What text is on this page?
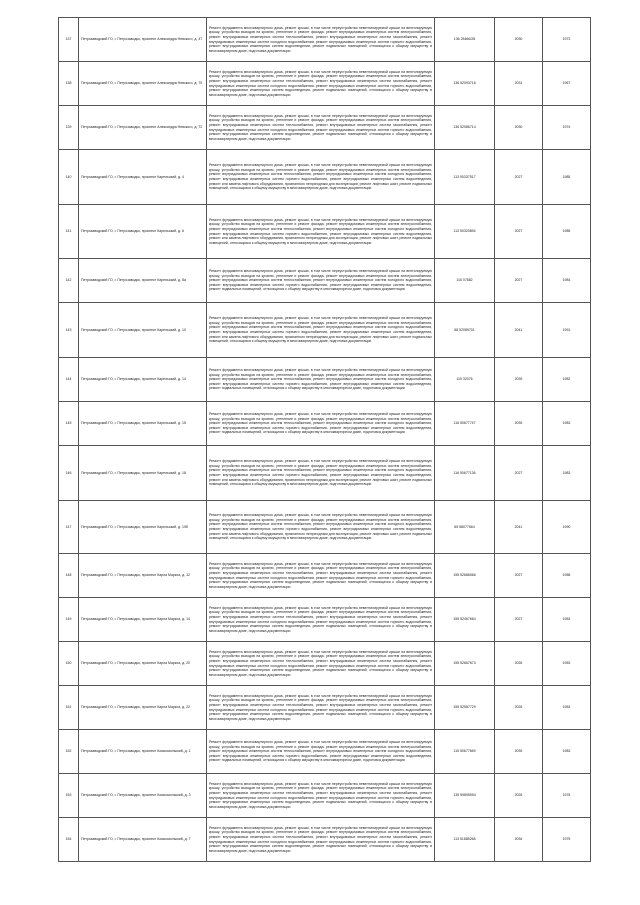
137	Петрозаводский ГО, г. Петрозаводск, проспект Александра Невского, д. 47	Ремонт фундамента многоквартирного дома, ремонт крыши, в том числе переустройство невентилируемой крыши на вентилируемую крышу, устройство выходов на кровлю, утепление и ремонт фасада, ремонт внутридомовых инженерных систем электроснабжения, ремонт внутридомовых инженерных систем теплоснабжения, ремонт внутридомовых инженерных систем газоснабжения, ремонт внутридомовых инженерных систем холодного водоснабжения, ремонт внутридомовых инженерных систем горячего водоснабжения, ремонт внутридомовых инженерных систем водоотведения, ремонт подвальных помещений, относящихся к общему имуществу в многоквартирном доме, подготовка документации	136 25466/28	2030	1973
138	Петрозаводский ГО, г. Петрозаводск, проспект Александра Невского, д. 70	Ремонт фундамента многоквартирного дома, ремонт крыши, в том числе переустройство невентилируемой крыши на вентилируемую крышу, устройство выходов на кровлю, утепление и ремонт фасада, ремонт внутридомовых инженерных систем электроснабжения, ремонт внутридомовых инженерных систем теплоснабжения, ремонт внутридомовых инженерных систем газоснабжения, ремонт внутридомовых инженерных систем холодного водоснабжения, ремонт внутридомовых инженерных систем горячего водоснабжения, ремонт внутридомовых инженерных систем водоотведения, ремонт подвальных помещений, относящихся к общему имуществу в многоквартирном доме, подготовка документации	136 52093716	2031	1967
139	Петрозаводский ГО, г. Петрозаводск, проспект Александра Невского, д. 72	Ремонт фундамента многоквартирного дома, ремонт крыши, в том числе переустройство невентилируемой крыши на вентилируемую крышу, устройство выходов на кровлю, утепление и ремонт фасада, ремонт внутридомовых инженерных систем электроснабжения, ремонт внутридомовых инженерных систем теплоснабжения, ремонт внутридомовых инженерных систем газоснабжения, ремонт внутридомовых инженерных систем холодного водоснабжения, ремонт внутридомовых инженерных систем горячего водоснабжения, ремонт внутридомовых инженерных систем водоотведения, ремонт подвальных помещений, относящихся к общему имуществу в многоквартирном доме, подготовка документации	136 52086714	2030	1974
140	Петрозаводский ГО, г. Петрозаводск, проспект Карельский, д. 4	Ремонт фундамента многоквартирного дома, ремонт крыши, в том числе переустройство невентилируемой крыши на вентилируемую крышу, устройство выходов на кровлю, утепление и ремонт фасада, ремонт внутридомовых инженерных систем электроснабжения, ремонт внутридомовых инженерных систем теплоснабжения, ремонт внутридомовых инженерных систем холодного водоснабжения, ремонт внутридомовых инженерных систем горячего водоснабжения, ремонт внутридомовых инженерных систем водоотведения, ремонт или замена лифтового оборудования, признанного непригодным для эксплуатации, ремонт лифтовых шахт, ремонт подвальных помещений, относящихся к общему имуществу в многоквартирном доме, подготовка документации	113 50337517	2027	1985
141	Петрозаводский ГО, г. Петрозаводск, проспект Карельский, д. 6	Ремонт фундамента многоквартирного дома, ремонт крыши, в том числе переустройство невентилируемой крыши на вентилируемую крышу, устройство выходов на кровлю, утепление и ремонт фасада, ремонт внутридомовых инженерных систем электроснабжения, ремонт внутридомовых инженерных систем теплоснабжения, ремонт внутридомовых инженерных систем холодного водоснабжения, ремонт внутридомовых инженерных систем горячего водоснабжения, ремонт внутридомовых инженерных систем водоотведения, ремонт или замена лифтового оборудования, признанного непригодным для эксплуатации, ремонт лифтовых шахт, ремонт подвальных помещений, относящихся к общему имуществу в многоквартирном доме, подготовка документации	113 50320894	2027	1985
142	Петрозаводский ГО, г. Петрозаводск, проспект Карельский, д. 8а	Ремонт фундамента многоквартирного дома, ремонт крыши, в том числе переустройство невентилируемой крыши на вентилируемую крышу, устройство выходов на кровлю, утепление и ремонт фасада, ремонт внутридомовых инженерных систем электроснабжения, ремонт внутридомовых инженерных систем теплоснабжения, ремонт внутридомовых инженерных систем холодного водоснабжения, ремонт внутридомовых инженерных систем горячего водоснабжения, ремонт внутридомовых инженерных систем водоотведения, ремонт подвальных помещений, относящихся к общему имуществу в многоквартирном доме, подготовка документации	116 07882	2027	1984
143	Петрозаводский ГО, г. Петрозаводск, проспект Карельский, д. 10	Ремонт фундамента многоквартирного дома, ремонт крыши, в том числе переустройство невентилируемой крыши на вентилируемую крышу, устройство выходов на кровлю, утепление и ремонт фасада, ремонт внутридомовых инженерных систем электроснабжения, ремонт внутридомовых инженерных систем теплоснабжения, ремонт внутридомовых инженерных систем холодного водоснабжения, ремонт внутридомовых инженерных систем горячего водоснабжения, ремонт внутридомовых инженерных систем водоотведения, ремонт или замена лифтового оборудования, признанного непригодным для эксплуатации, ремонт лифтовых шахт, ремонт подвальных помещений, относящихся к общему имуществу в многоквартирном доме, подготовка документации	68 52089701	2041	1991
144	Петрозаводский ГО, г. Петрозаводск, проспект Карельский, д. 14	Ремонт фундамента многоквартирного дома, ремонт крыши, в том числе переустройство невентилируемой крыши на вентилируемую крышу, устройство выходов на кровлю, утепление и ремонт фасада, ремонт внутридомовых инженерных систем электроснабжения, ремонт внутридомовых инженерных систем теплоснабжения, ремонт внутридомовых инженерных систем холодного водоснабжения, ремонт внутридомовых инженерных систем горячего водоснабжения, ремонт внутридомовых инженерных систем водоотведения, ремонт подвальных помещений, относящихся к общему имуществу в многоквартирном доме, подготовка документации	115 32076	2039	1982
145	Петрозаводский ГО, г. Петрозаводск, проспект Карельский, д. 15	Ремонт фундамента многоквартирного дома, ремонт крыши, в том числе переустройство невентилируемой крыши на вентилируемую крышу, устройство выходов на кровлю, утепление и ремонт фасада, ремонт внутридомовых инженерных систем электроснабжения, ремонт внутридомовых инженерных систем теплоснабжения, ремонт внутридомовых инженерных систем холодного водоснабжения, ремонт внутридомовых инженерных систем горячего водоснабжения, ремонт внутридомовых инженерных систем водоотведения, ремонт подвальных помещений, относящихся к общему имуществу в многоквартирном доме, подготовка документации	116 50677747	2039	1983
146	Петрозаводский ГО, г. Петрозаводск, проспект Карельский, д. 18	Ремонт фундамента многоквартирного дома, ремонт крыши, в том числе переустройство невентилируемой крыши на вентилируемую крышу, устройство выходов на кровлю, утепление и ремонт фасада, ремонт внутридомовых инженерных систем электроснабжения, ремонт внутридомовых инженерных систем теплоснабжения, ремонт внутридомовых инженерных систем холодного водоснабжения, ремонт внутридомовых инженерных систем горячего водоснабжения, ремонт внутридомовых инженерных систем водоотведения, ремонт или замена лифтового оборудования, признанного непригодным для эксплуатации, ремонт лифтовых шахт, ремонт подвальных помещений, относящихся к общему имуществу в многоквартирном доме, подготовка документации	116 50677136	2027	1983
147	Петрозаводский ГО, г. Петрозаводск, проспект Карельский, д. 19б	Ремонт фундамента многоквартирного дома, ремонт крыши, в том числе переустройство невентилируемой крыши на вентилируемую крышу, устройство выходов на кровлю, утепление и ремонт фасада, ремонт внутридомовых инженерных систем электроснабжения, ремонт внутридомовых инженерных систем теплоснабжения, ремонт внутридомовых инженерных систем холодного водоснабжения, ремонт внутридомовых инженерных систем горячего водоснабжения, ремонт внутридомовых инженерных систем водоотведения, ремонт или замена лифтового оборудования, признанного непригодным для эксплуатации, ремонт лифтовых шахт, ремонт подвальных помещений, относящихся к общему имуществу в многоквартирном доме, подготовка документации	65 58077664	2041	1990
148	Петрозаводский ГО, г. Петрозаводск, проспект Карла Маркса, д. 12	Ремонт фундамента многоквартирного дома, ремонт крыши, в том числе переустройство невентилируемой крыши на вентилируемую крышу, устройство выходов на кровлю, утепление и ремонт фасада, ремонт внутридомовых инженерных систем электроснабжения, ремонт внутридомовых инженерных систем теплоснабжения, ремонт внутридомовых инженерных систем газоснабжения, ремонт внутридомовых инженерных систем холодного водоснабжения, ремонт внутридомовых инженерных систем горячего водоснабжения, ремонт внутридомовых инженерных систем водоотведения, ремонт подвальных помещений, относящихся к общему имуществу в многоквартирном доме, подготовка документации	155 52686566	2027	1958
149	Петрозаводский ГО, г. Петрозаводск, проспект Карла Маркса, д. 14	Ремонт фундамента многоквартирного дома, ремонт крыши, в том числе переустройство невентилируемой крыши на вентилируемую крышу, устройство выходов на кровлю, утепление и ремонт фасада, ремонт внутридомовых инженерных систем электроснабжения, ремонт внутридомовых инженерных систем теплоснабжения, ремонт внутридомовых инженерных систем газоснабжения, ремонт внутридомовых инженерных систем холодного водоснабжения, ремонт внутридомовых инженерных систем горячего водоснабжения, ремонт внутридомовых инженерных систем водоотведения, ремонт подвальных помещений, относящихся к общему имуществу в многоквартирном доме, подготовка документации	155 52467664	2027	1953
150	Петрозаводский ГО, г. Петрозаводск, проспект Карла Маркса, д. 20	Ремонт фундамента многоквартирного дома, ремонт крыши, в том числе переустройство невентилируемой крыши на вентилируемую крышу, устройство выходов на кровлю, утепление и ремонт фасада, ремонт внутридомовых инженерных систем электроснабжения, ремонт внутридомовых инженерных систем теплоснабжения, ремонт внутридомовых инженерных систем газоснабжения, ремонт внутридомовых инженерных систем холодного водоснабжения, ремонт внутридомовых инженерных систем горячего водоснабжения, ремонт внутридомовых инженерных систем водоотведения, ремонт подвальных помещений, относящихся к общему имуществу в многоквартирном доме, подготовка документации	155 52667674	2026	1953
151	Петрозаводский ГО, г. Петрозаводск, проспект Карла Маркса, д. 22	Ремонт фундамента многоквартирного дома, ремонт крыши, в том числе переустройство невентилируемой крыши на вентилируемую крышу, устройство выходов на кровлю, утепление и ремонт фасада, ремонт внутридомовых инженерных систем электроснабжения, ремонт внутридомовых инженерных систем теплоснабжения, ремонт внутридомовых инженерных систем газоснабжения, ремонт внутридомовых инженерных систем холодного водоснабжения, ремонт внутридомовых инженерных систем горячего водоснабжения, ремонт внутридомовых инженерных систем водоотведения, ремонт подвальных помещений, относящихся к общему имуществу в многоквартирном доме, подготовка документации	155 52587729	2026	1953
152	Петрозаводский ГО, г. Петрозаводск, проспект Комсомольский, д. 1	Ремонт фундамента многоквартирного дома, ремонт крыши, в том числе переустройство невентилируемой крыши на вентилируемую крышу, устройство выходов на кровлю, утепление и ремонт фасада, ремонт внутридомовых инженерных систем электроснабжения, ремонт внутридомовых инженерных систем теплоснабжения, ремонт внутридомовых инженерных систем холодного водоснабжения, ремонт внутридомовых инженерных систем горячего водоснабжения, ремонт внутридомовых инженерных систем водоотведения, ремонт подвальных помещений, относящихся к общему имуществу в многоквартирном доме, подготовка документации	115 50677669	2039	1983
153	Петрозаводский ГО, г. Петрозаводск, проспект Комсомольский, д. 3	Ремонт фундамента многоквартирного дома, ремонт крыши, в том числе переустройство невентилируемой крыши на вентилируемую крышу, устройство выходов на кровлю, утепление и ремонт фасада, ремонт внутридомовых инженерных систем электроснабжения, ремонт внутридомовых инженерных систем теплоснабжения, ремонт внутридомовых инженерных систем газоснабжения, ремонт внутридомовых инженерных систем холодного водоснабжения, ремонт внутридомовых инженерных систем горячего водоснабжения, ремонт внутридомовых инженерных систем водоотведения, ремонт подвальных помещений, относящихся к общему имуществу в многоквартирном доме, подготовка документации	135 59895594	2026	1976
154	Петрозаводский ГО, г. Петрозаводск, проспект Комсомольский, д. 7	Ремонт фундамента многоквартирного дома, ремонт крыши, в том числе переустройство невентилируемой крыши на вентилируемую крышу, устройство выходов на кровлю, утепление и ремонт фасада, ремонт внутридомовых инженерных систем электроснабжения, ремонт внутридомовых инженерных систем теплоснабжения, ремонт внутридомовых инженерных систем газоснабжения, ремонт внутридомовых инженерных систем холодного водоснабжения, ремонт внутридомовых инженерных систем горячего водоснабжения, ремонт внутридомовых инженерных систем водоотведения, ремонт подвальных помещений, относящихся к общему имуществу в многоквартирном доме, подготовка документации	113 51885268	2034	1975
